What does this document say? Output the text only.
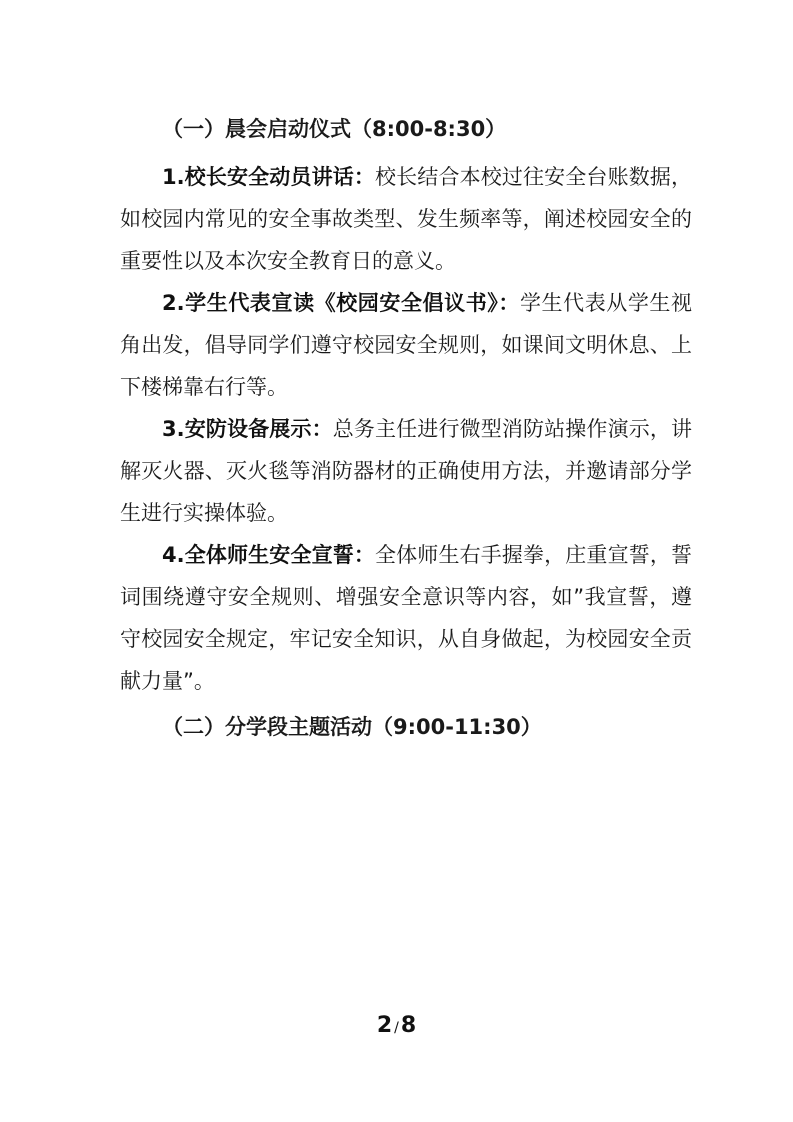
（一）晨会启动仪式（8:00-8:30）

1.校长安全动员讲话：校长结合本校过往安全台账数据，如校园内常见的安全事故类型、发生频率等，阐述校园安全的重要性以及本次安全教育日的意义。

2.学生代表宣读《校园安全倡议书》：学生代表从学生视角出发，倡导同学们遵守校园安全规则，如课间文明休息、上下楼梯靠右行等。

3.安防设备展示：总务主任进行微型消防站操作演示，讲解灭火器、灭火毯等消防器材的正确使用方法，并邀请部分学生进行实操体验。

4.全体师生安全宣誓：全体师生右手握拳，庄重宣誓，誓词围绕遵守安全规则、增强安全意识等内容，如”我宣誓，遵守校园安全规定，牢记安全知识，从自身做起，为校园安全贡献力量”。

（二）分学段主题活动（9:00-11:30）
2 /8
